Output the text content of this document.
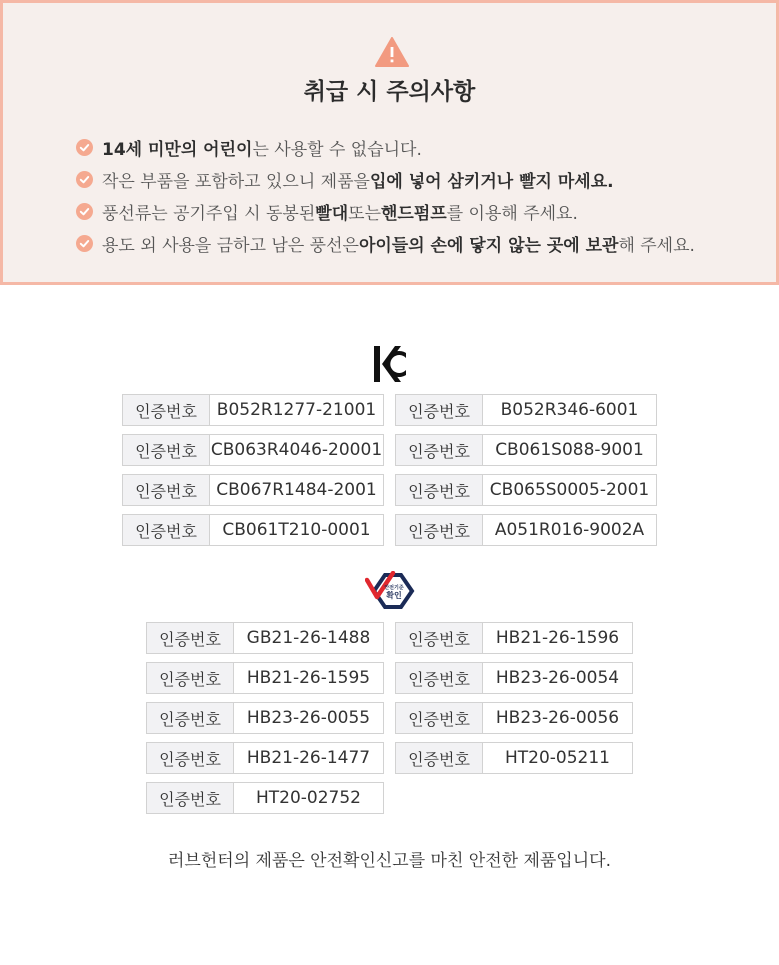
취급 시 주의사항
14세 미만의 어린이 는 사용할 수 없습니다.
작은 부품을 포함하고 있으니 제품을 입에 넣어 삼키거나 빨지 마세요.
풍선류는 공기주입 시 동봉된 빨대 또는 핸드펌프 를 이용해 주세요.
용도 외 사용을 금하고 남은 풍선은 아이들의 손에 닿지 않는 곳에 보관 해 주세요.
인증번호	B052R1277-21001	인증번호	B052R346-6001
인증번호 CB063R4046-20001	인증번호	CB061S088-9001
인증번호	CB067R1484-2001	인증번호	CB065S0005-2001
인증번호	CB061T210-0001	인증번호	A051R016-9002A
안전기준
확인
인증번호	GB21-26-1488	인증번호	HB21-26-1596
인증번호	HB21-26-1595	인증번호	HB23-26-0054
인증번호	HB23-26-0055	인증번호	HB23-26-0056
인증번호	HB21-26-1477	인증번호	HT20-05211
인증번호	HT20-02752
러브헌터의 제품은 안전확인신고를 마친 안전한 제품입니다.
